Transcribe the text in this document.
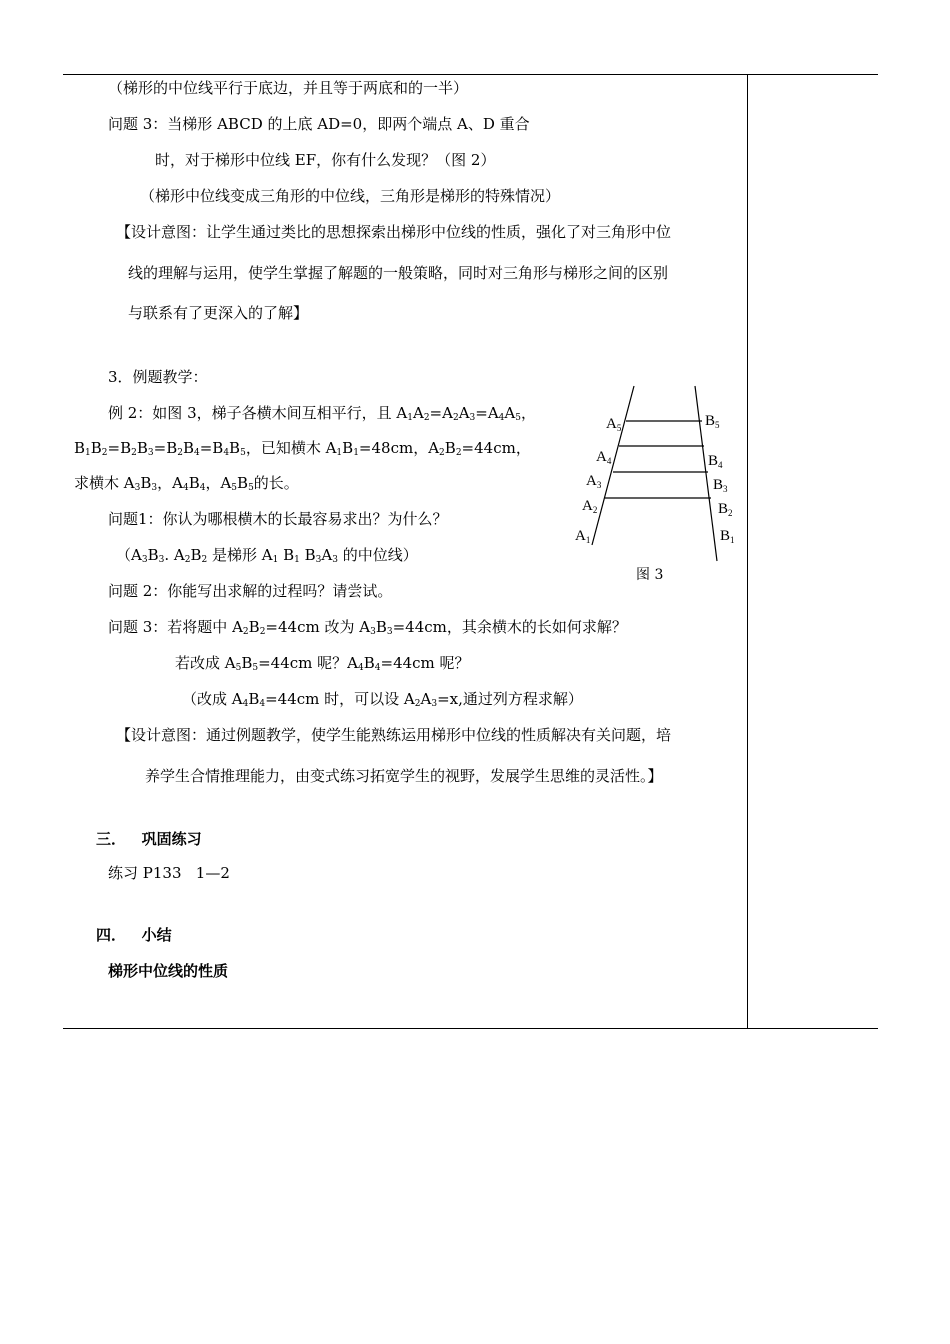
（梯形的中位线平行于底边，并且等于两底和的一半）
问题 3：当梯形 ABCD 的上底 AD=0，即两个端点 A、D 重合
时，对于梯形中位线 EF，你有什么发现？（图 2）
（梯形中位线变成三角形的中位线，三角形是梯形的特殊情况）
【设计意图：让学生通过类比的思想探索出梯形中位线的性质，强化了对三角形中位
线的理解与运用，使学生掌握了解题的一般策略，同时对三角形与梯形之间的区别
与联系有了更深入的了解】
3．例题教学：
例 2：如图 3，梯子各横木间互相平行，且 $A_1A_2=A_2A_3=A_4A_5$，
$B_1B_2=B_2B_3=B_2B_4=B_4B_5$，已知横木 $A_1B_1=48cm$，$A_2B_2=44cm$，
求横木 $A_3B_3$，$A_4B_4$，$A_5B_5$的长。
问题1：你认为哪根横木的长最容易求出？为什么？
（$A_3B_3$. $A_2B_2$ 是梯形 $A_1$ $B_1$ $B_3A_3$ 的中位线）
问题 2：你能写出求解的过程吗？请尝试。
问题 3：若将题中 $A_2B_2=44cm$ 改为 $A_3B_3=44cm$，其余横木的长如何求解？
若改成 $A_5B_5=44cm$ 呢？$A_4B_4=44cm$ 呢？
（改成 $A_4B_4=44cm$ 时，可以设 $A_2A_3=x$,通过列方程求解）
【设计意图：通过例题教学，使学生能熟练运用梯形中位线的性质解决有关问题，培
养学生合情推理能力，由变式练习拓宽学生的视野，发展学生思维的灵活性。】
三．   巩固练习
练习 P133   1—2
四．   小结
梯形中位线的性质
$A_5$
$A_4$
$A_3$
$A_2$
$A_1$
$B_5$
$B_4$
$B_3$
$B_2$
$B_1$
图 3
